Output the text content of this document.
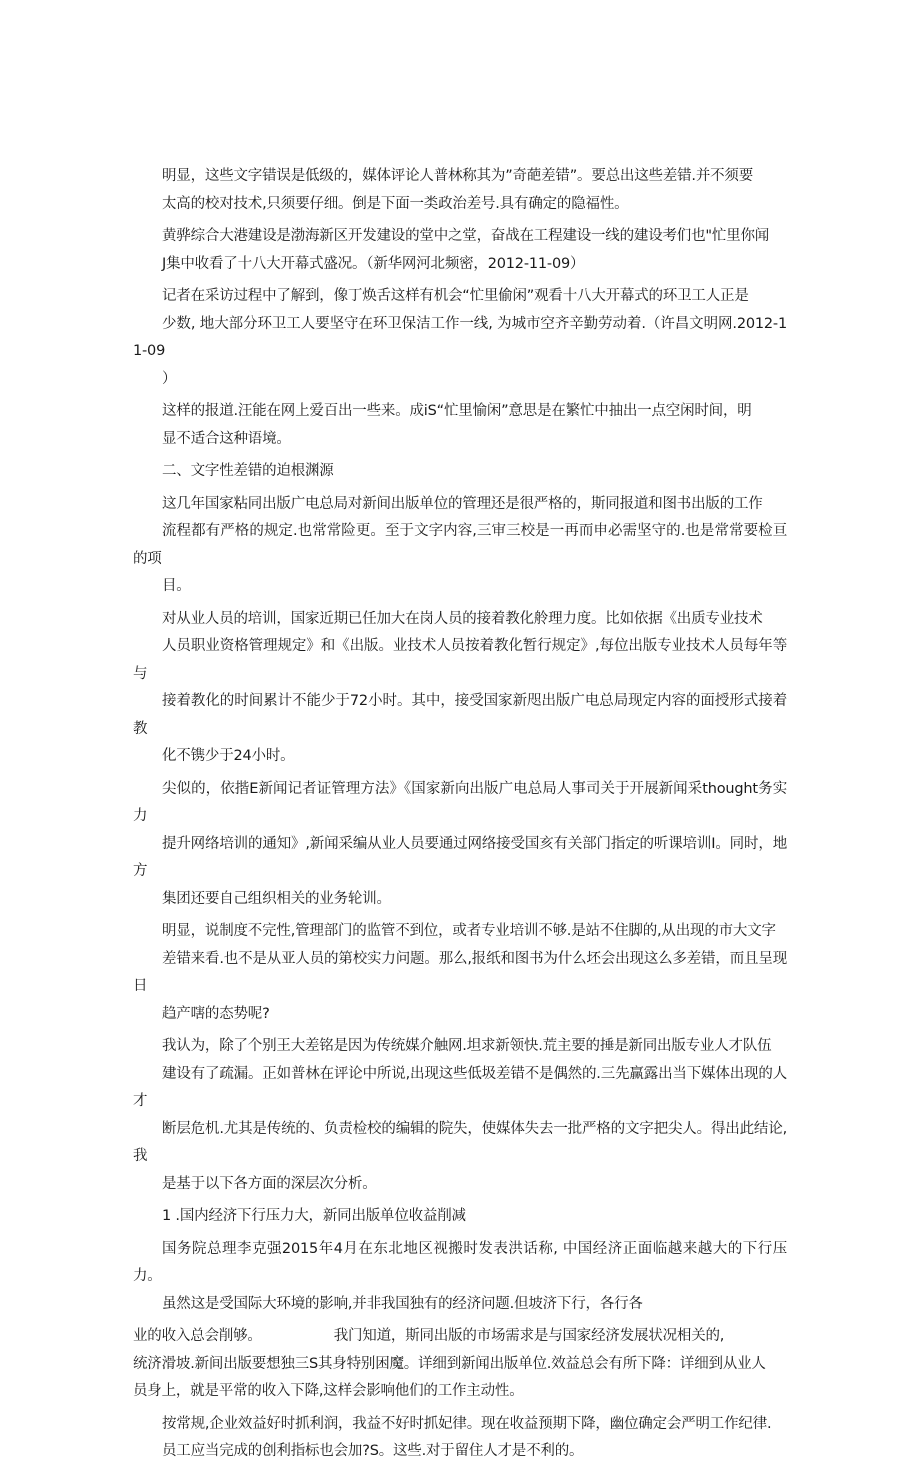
明显，这些文字错误是低级的，媒体评论人普林称其为”奇葩差错”。要总出这些差错.并不须要
太高的校对技术,只须要仔细。倒是下面一类政治差号.具有确定的隐福性。

黄骅综合大港建设是渤海新区开发建设的堂中之堂，奋战在工程建设一线的建设考们也"忙里你闻
J集中收看了十八大开幕式盛况。（新华网河北频密，2012-11-09）

记者在采访过程中了解到，像丁焕舌这样有机会“忙里偷闲”观看十八大开幕式的环卫工人正是
少数, 地大部分环卫工人要坚守在环卫保洁工作一线, 为城市空齐辛勤劳动着.（许昌文明网.2012-11-09
）

这样的报道.汪能在网上爱百出一些来。成iS“忙里愉闲”意思是在繁忙中抽出一点空闲时间，明
显不适合这种语境。

二、文字性差错的迫根渊源

这几年国家粘同出版广电总局对新间出版单位的管理还是很严格的，斯同报道和图书出版的工作
流程都有严格的规定.也常常险更。至于文字内容,三审三校是一再而申必需坚守的.也是常常要检亘的项
目。

对从业人员的培训，国家近期已任加大在岗人员的接着教化舲理力度。比如依据《出质专业技术
人员职业资格管理规定》和《出版。业技术人员按着教化暂行规定》,每位出版专业技术人员每年等与
接着教化的时间累计不能少于72小时。其中，接受国家新咫出版广电总局现定内容的面授形式接着教
化不镌少于24小时。

尖似的，依揩E新闻记者证管理方法》《国家新向出版广电总局人事司关于开展新闻采thought务实力
提升网络培训的通知》,新闻采编从业人员要通过网络接受国亥有关部门指定的听课培训I。同时，地方
集团还要自己组织相关的业务轮训。

明显，说制度不完性,管理部门的监管不到位，或者专业培训不够.是站不住脚的,从出现的市大文字
差错来看.也不是从亚人员的第校实力问题。那么,报纸和图书为什么坯会出现这么多差错，而且呈现日
趋产嗐的态势呢?

我认为，除了个别王大差铭是因为传统媒介触网.坦求新领快.荒主要的捶是新同出版专业人才队伍
建设有了疏漏。正如普林在评论中所说,出现这些低圾差错不是偶然的.三先赢露出当下媒体出现的人才
断层危机.尤其是传统的、负责检校的编辑的院失，使媒体失去一批严格的文字把尖人。得出此结论,我
是基于以下各方面的深层次分析。

1 .国内经济下行压力大，新同出版单位收益削减

国务院总理李克强2015年4月在东北地区视搬时发表洪话称, 中国经济正面临越来越大的下行压力。
虽然这是受国际大环境的影响,并非我国独有的经济问题.但坡济下行，各行各

业的收入总会削够。	我门知道，斯同出版的市场需求是与国家经济发展状况相关的,
统济滑坡.新间出版要想独三S其身特别困魔。详细到新闻出版单位.效益总会有所下降：详细到从业人
员身上，就是平常的收入下降,这样会影响他们的工作主动性。

按常规,企业效益好时抓利润，我益不好时抓妃律。现在收益预期下降，幽位确定会严明工作纪律.
员工应当完成的创利指标也会加?S。这些.对于留住人才是不利的。
